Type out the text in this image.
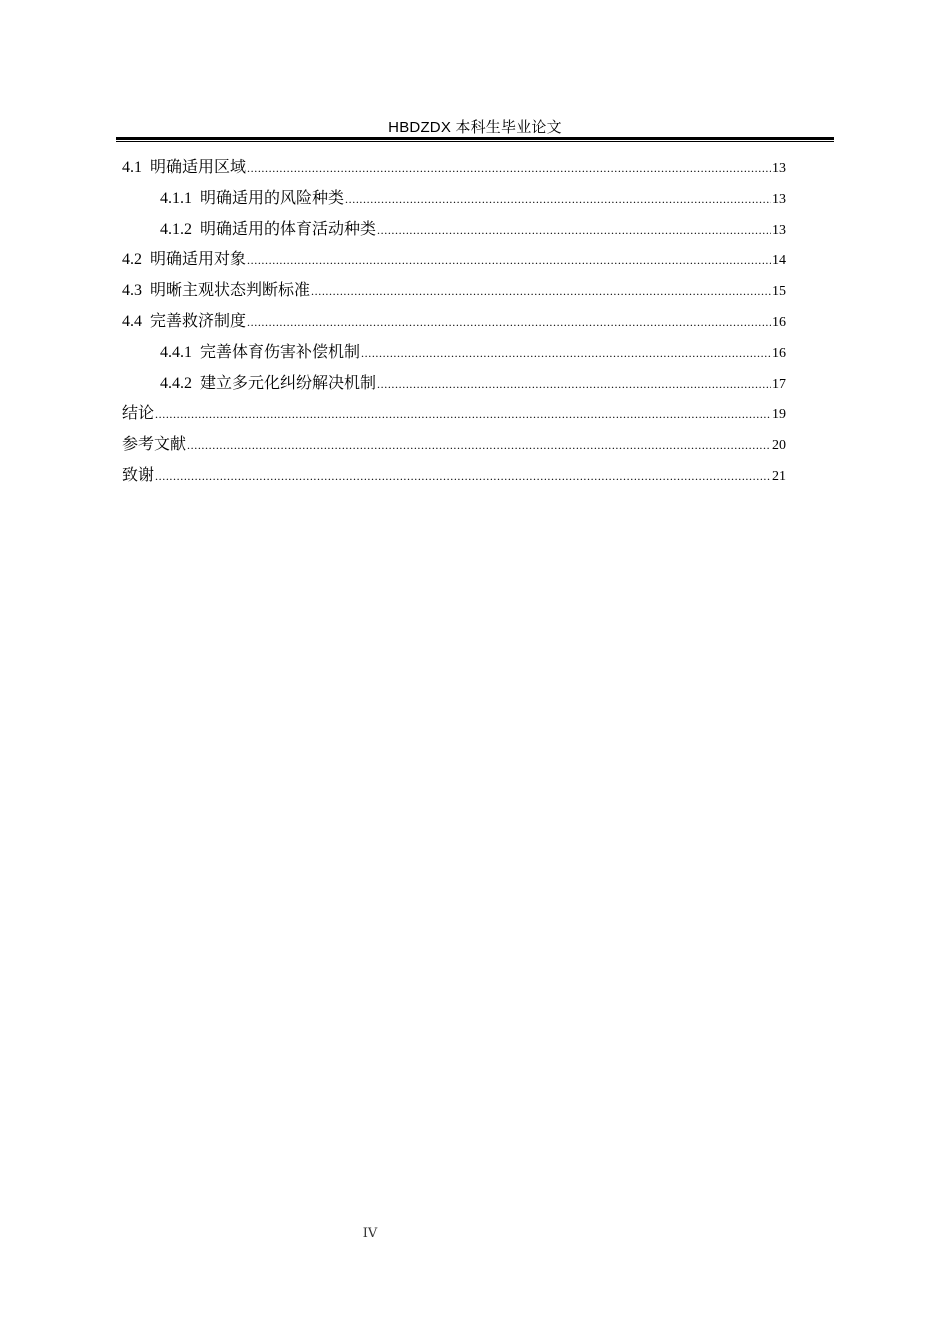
HBDZDX 本科生毕业论文
4.1 明确适用区域 .....	13
4.1.1 明确适用的风险种类 .....	13
4.1.2 明确适用的体育活动种类 .....	13
4.2 明确适用对象 .....	14
4.3 明晰主观状态判断标准 .....	15
4.4 完善救济制度 .....	16
4.4.1 完善体育伤害补偿机制 .....	16
4.4.2 建立多元化纠纷解决机制 .....	17
结论 .....	19
参考文献 .....	20
致谢 .....	21
IV
